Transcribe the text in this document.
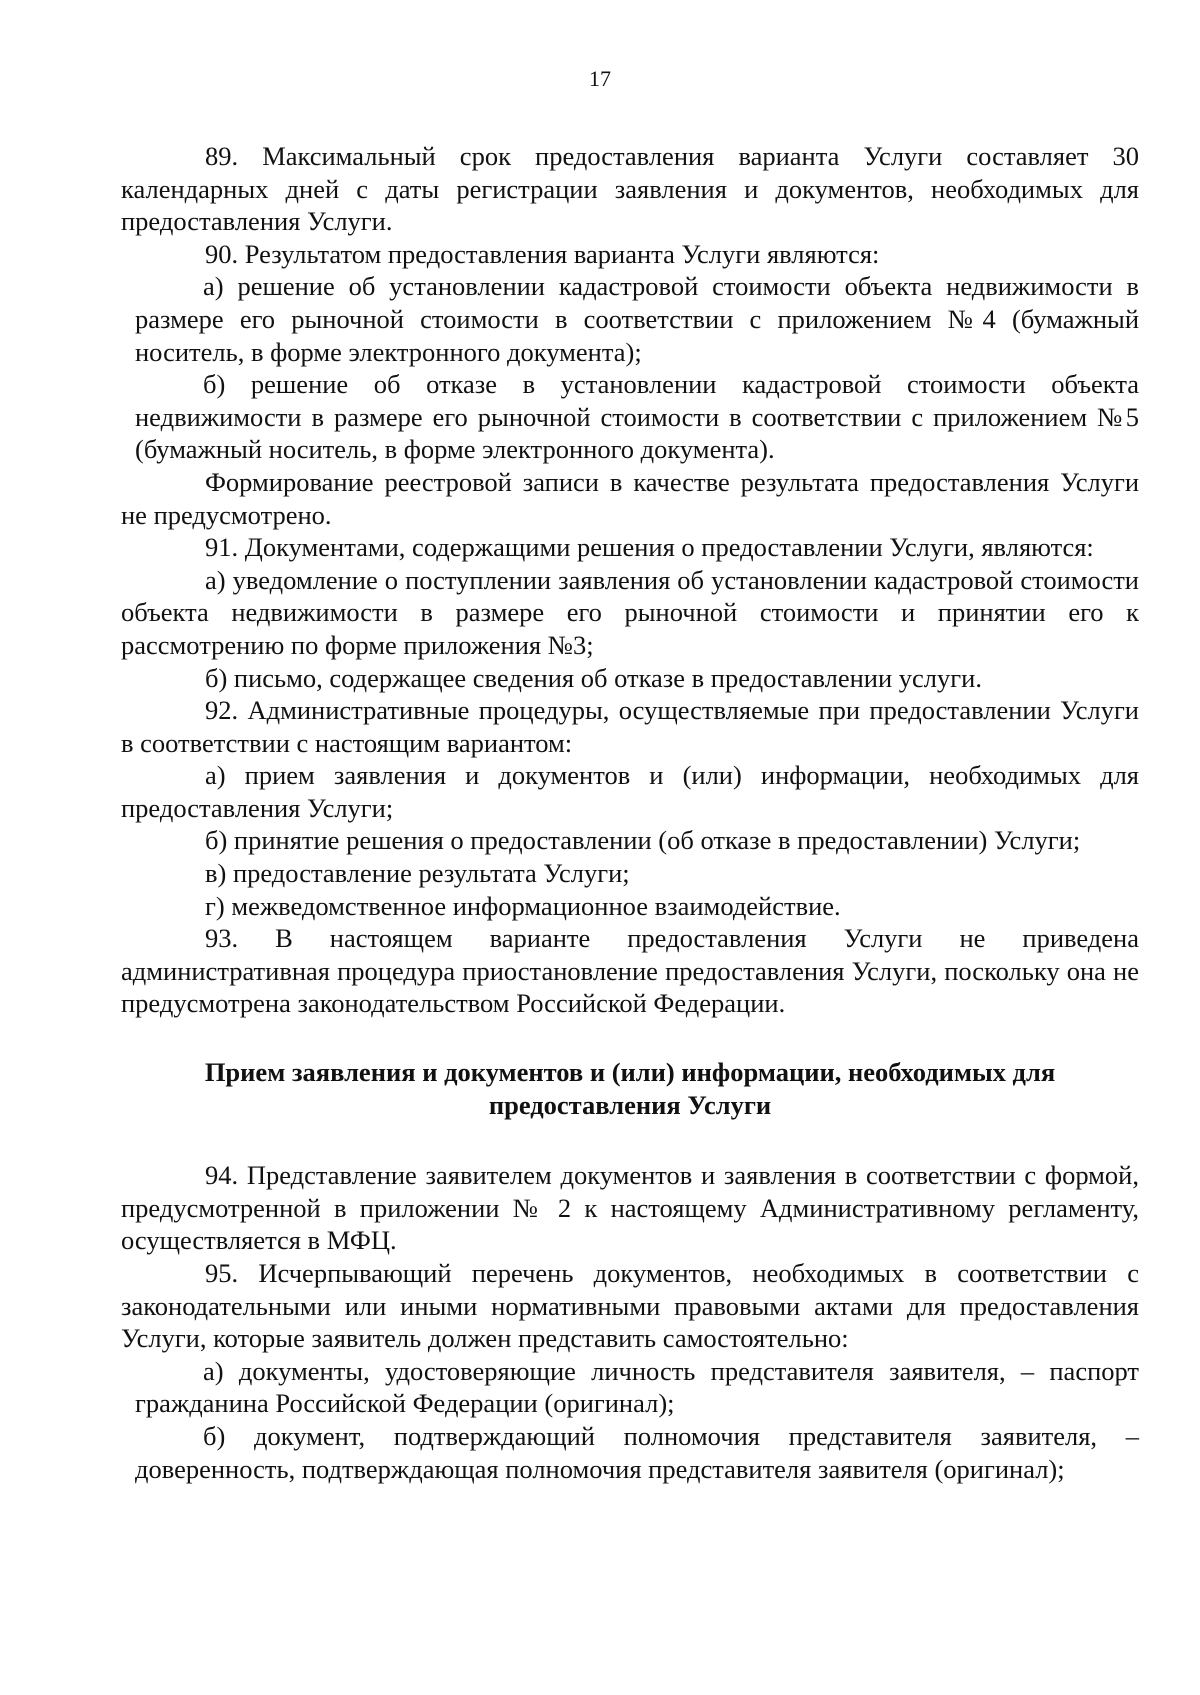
17

89. Максимальный срок предоставления варианта Услуги составляет 30 календарных дней с даты регистрации заявления и документов, необходимых для предоставления Услуги.

90. Результатом предоставления варианта Услуги являются:

а) решение об установлении кадастровой стоимости объекта недвижимости в размере его рыночной стоимости в соответствии с приложением №4 (бумажный носитель, в форме электронного документа);

б) решение об отказе в установлении кадастровой стоимости объекта недвижимости в размере его рыночной стоимости в соответствии с приложением №5 (бумажный носитель, в форме электронного документа).

Формирование реестровой записи в качестве результата предоставления Услуги не предусмотрено.

91. Документами, содержащими решения о предоставлении Услуги, являются:

а) уведомление о поступлении заявления об установлении кадастровой стоимости объекта недвижимости в размере его рыночной стоимости и принятии его к рассмотрению по форме приложения №3;

б) письмо, содержащее сведения об отказе в предоставлении услуги.

92. Административные процедуры, осуществляемые при предоставлении Услуги в соответствии с настоящим вариантом:

а) прием заявления и документов и (или) информации, необходимых для предоставления Услуги;

б) принятие решения о предоставлении (об отказе в предоставлении) Услуги;

в) предоставление результата Услуги;

г) межведомственное информационное взаимодействие.

93. В настоящем варианте предоставления Услуги не приведена административная процедура приостановление предоставления Услуги, поскольку она не предусмотрена законодательством Российской Федерации.

Прием заявления и документов и (или) информации, необходимых для предоставления Услуги

94. Представление заявителем документов и заявления в соответствии с формой, предусмотренной в приложении № 2 к настоящему Административному регламенту, осуществляется в МФЦ.

95. Исчерпывающий перечень документов, необходимых в соответствии с законодательными или иными нормативными правовыми актами для предоставления Услуги, которые заявитель должен представить самостоятельно:

а) документы, удостоверяющие личность представителя заявителя, – паспорт гражданина Российской Федерации (оригинал);

б) документ, подтверждающий полномочия представителя заявителя, – доверенность, подтверждающая полномочия представителя заявителя (оригинал);
